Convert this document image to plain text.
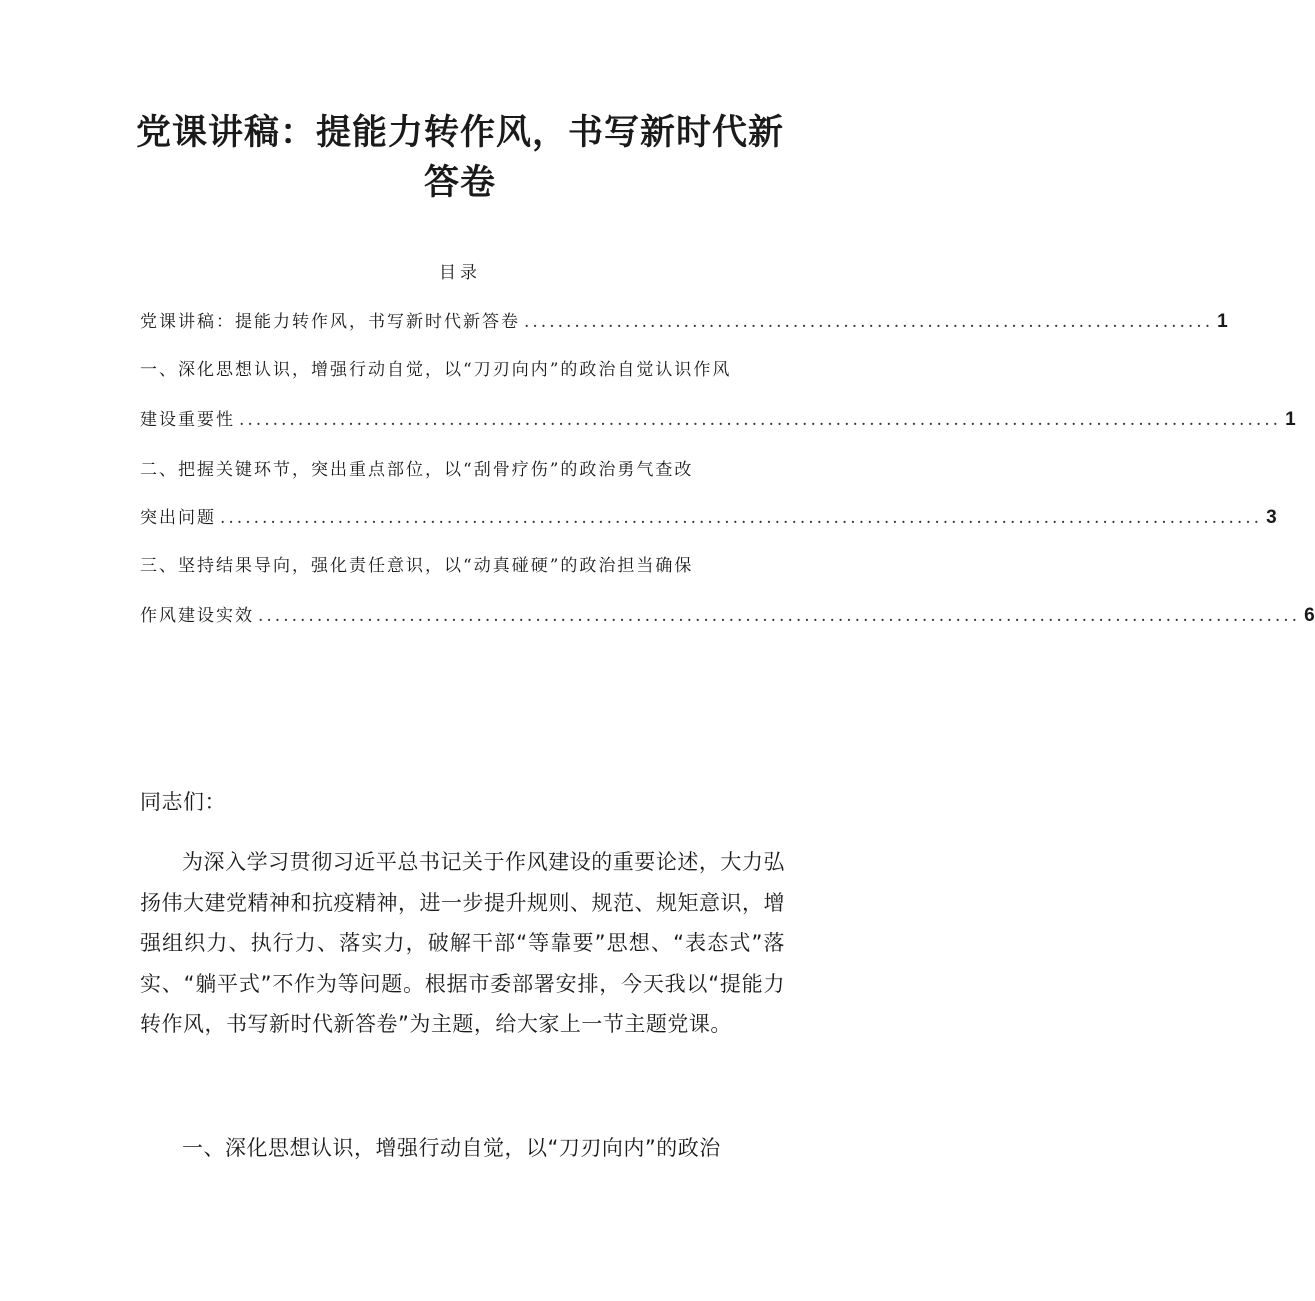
党课讲稿：提能力转作风，书写新时代新答卷
目录
党课讲稿：提能力转作风，书写新时代新答卷 .................................................................................. 1
一、深化思想认识，增强行动自觉，以“刀刃向内”的政治自觉认识作风
建设重要性 ............................................................................................................................ 1
二、把握关键环节，突出重点部位，以“刮骨疗伤”的政治勇气查改
突出问题 ............................................................................................................................ 3
三、坚持结果导向，强化责任意识，以“动真碰硬”的政治担当确保
作风建设实效 ............................................................................................................................ 6

同志们：

为深入学习贯彻习近平总书记关于作风建设的重要论述，大力弘扬伟大建党精神和抗疫精神，进一步提升规则、规范、规矩意识，增强组织力、执行力、落实力，破解干部“等靠要”思想、“表态式”落实、“躺平式”不作为等问题。根据市委部署安排，今天我以“提能力转作风，书写新时代新答卷”为主题，给大家上一节主题党课。

一、深化思想认识，增强行动自觉，以“刀刃向内”的政治
